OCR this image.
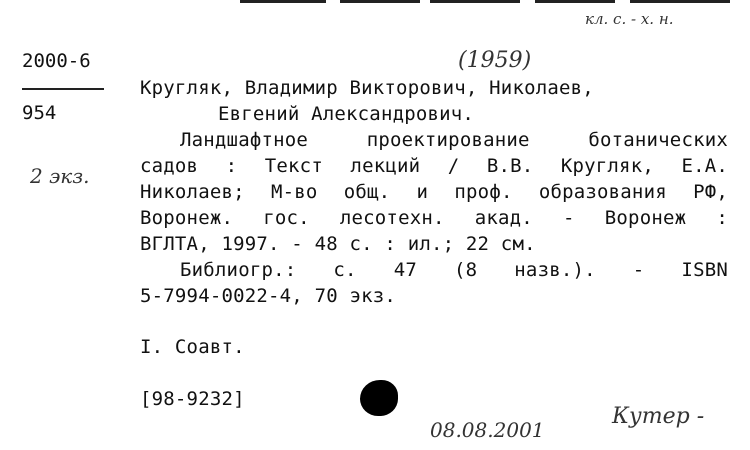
кл. с. - х. н.
(1959)
2000-6
954
2 экз.
Кругляк, Владимир Викторович, Николаев,
Евгений Александрович.
Ландшафтное проектирование ботанических
садов : Текст лекций / В.В. Кругляк, Е.А.
Николаев; М-во общ. и проф. образования РФ,
Воронеж. гос. лесотехн. акад. - Воронеж :
ВГЛТА, 1997. - 48 с. : ил.; 22 см.
Библиогр.: с. 47 (8 назв.). - ISBN
5-7994-0022-4, 70 экз.
I. Соавт.
[98-9232]
08.08.2001
Кутер -
